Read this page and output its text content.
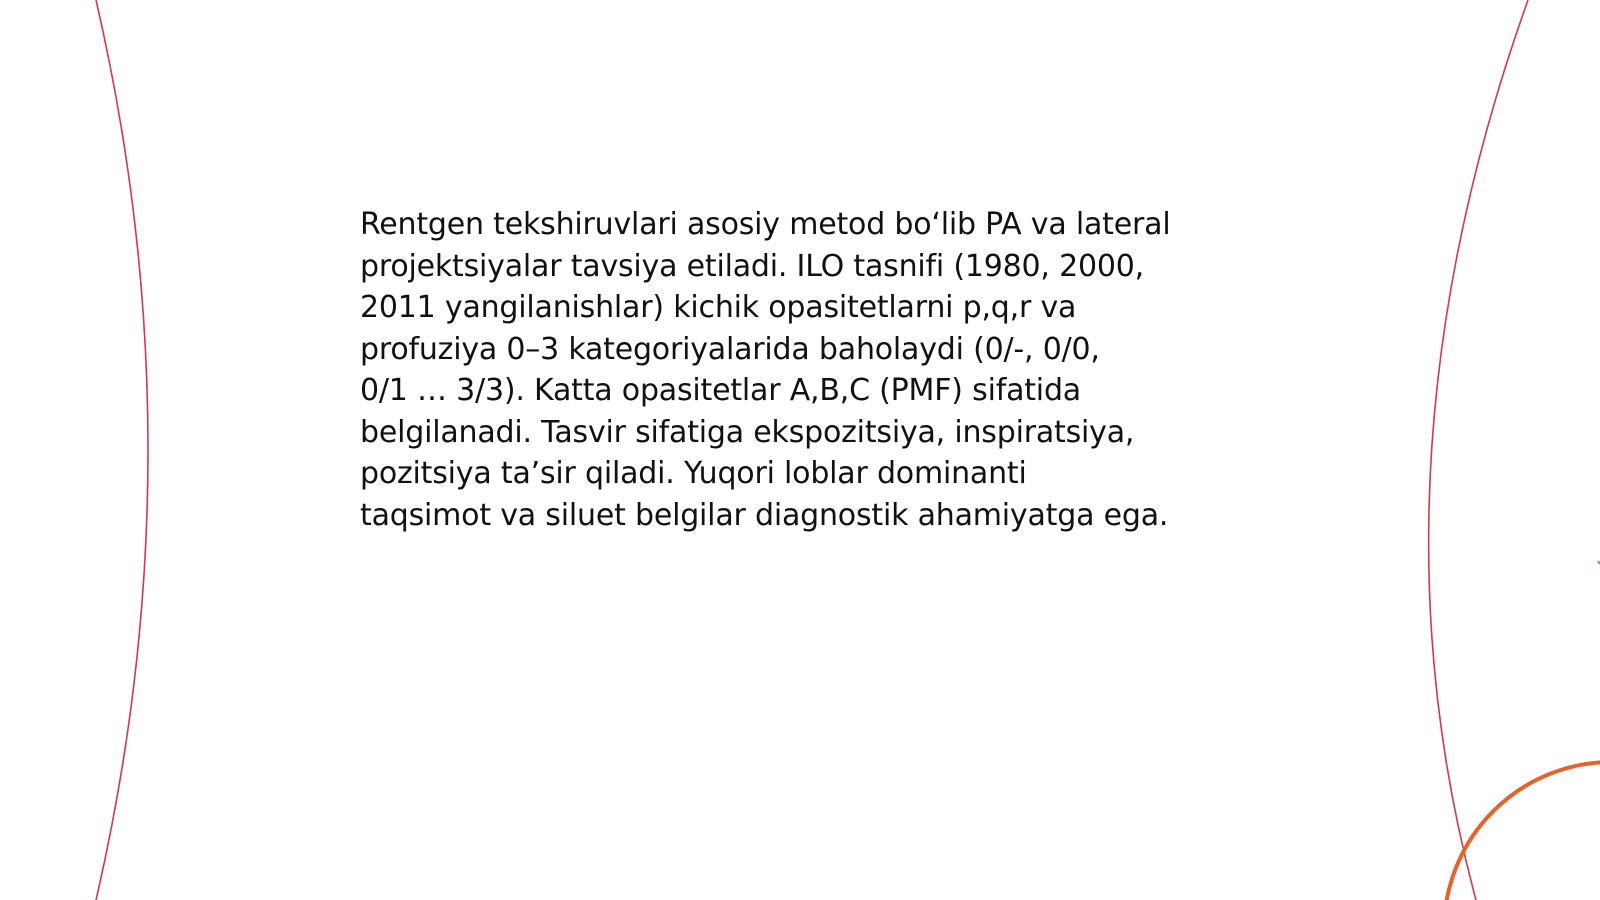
Rentgen tekshiruvlari asosiy metod bo‘lib PA va lateral
projektsiyalar tavsiya etiladi. ILO tasnifi (1980, 2000,
2011 yangilanishlar) kichik opasitetlarni p,q,r va
profuziya 0–3 kategoriyalarida baholaydi (0/-, 0/0,
0/1 … 3/3). Katta opasitetlar A,B,C (PMF) sifatida
belgilanadi. Tasvir sifatiga ekspozitsiya, inspiratsiya,
pozitsiya ta’sir qiladi. Yuqori loblar dominanti
taqsimot va siluet belgilar diagnostik ahamiyatga ega.
